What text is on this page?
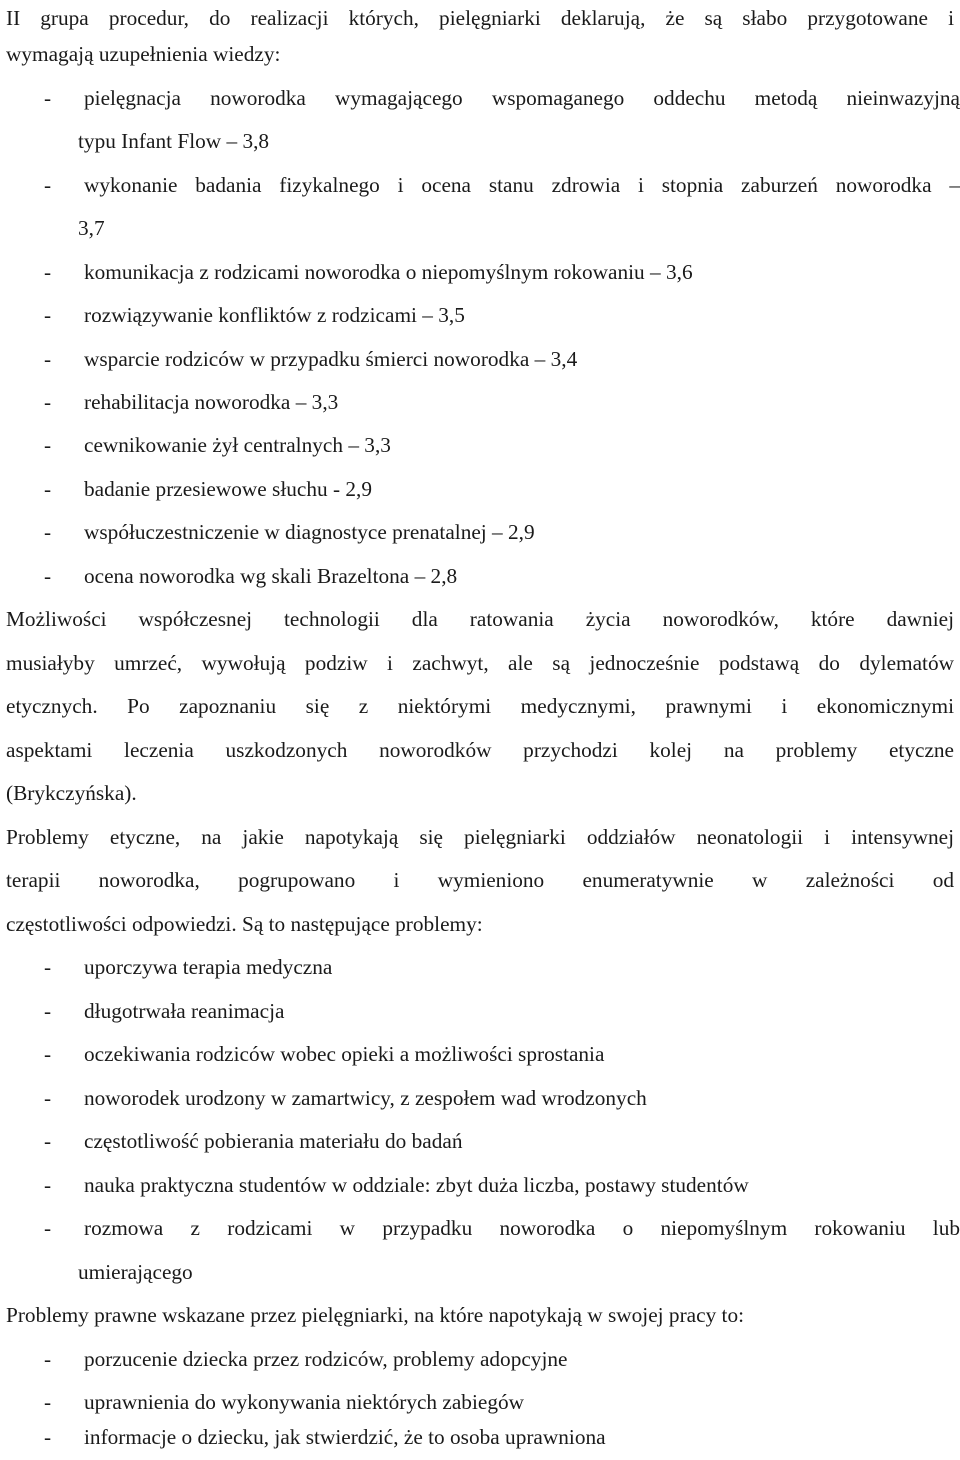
II grupa procedur, do realizacji których, pielęgniarki deklarują, że są słabo przygotowane i
wymagają uzupełnienia wiedzy:
-	pielęgnacja noworodka wymagającego wspomaganego oddechu metodą nieinwazyjną
typu Infant Flow – 3,8
-	wykonanie badania fizykalnego i ocena stanu zdrowia i stopnia zaburzeń noworodka –
3,7
-	komunikacja z rodzicami noworodka o niepomyślnym rokowaniu – 3,6
-	rozwiązywanie konfliktów z rodzicami – 3,5
-	wsparcie rodziców w przypadku śmierci noworodka – 3,4
-	rehabilitacja noworodka – 3,3
-	cewnikowanie żył centralnych – 3,3
-	badanie przesiewowe słuchu - 2,9
-	współuczestniczenie w diagnostyce prenatalnej – 2,9
-	ocena noworodka wg skali Brazeltona – 2,8
Możliwości współczesnej technologii dla ratowania życia noworodków, które dawniej
musiałyby umrzeć, wywołują podziw i zachwyt, ale są jednocześnie podstawą do dylematów
etycznych. Po zapoznaniu się z niektórymi medycznymi, prawnymi i ekonomicznymi
aspektami leczenia uszkodzonych noworodków przychodzi kolej na problemy etyczne
(Brykczyńska).
Problemy etyczne, na jakie napotykają się pielęgniarki oddziałów neonatologii i intensywnej
terapii noworodka, pogrupowano i wymieniono enumeratywnie w zależności od
częstotliwości odpowiedzi. Są to następujące problemy:
-	uporczywa terapia medyczna
-	długotrwała reanimacja
-	oczekiwania rodziców wobec opieki a możliwości sprostania
-	noworodek urodzony w zamartwicy, z zespołem wad wrodzonych
-	częstotliwość pobierania materiału do badań
-	nauka praktyczna studentów w oddziale: zbyt duża liczba, postawy studentów
-	rozmowa z rodzicami w przypadku noworodka o niepomyślnym rokowaniu lub
umierającego
Problemy prawne wskazane przez pielęgniarki, na które napotykają w swojej pracy to:
-	porzucenie dziecka przez rodziców, problemy adopcyjne
-	uprawnienia do wykonywania niektórych zabiegów
-	informacje o dziecku, jak stwierdzić, że to osoba uprawniona
